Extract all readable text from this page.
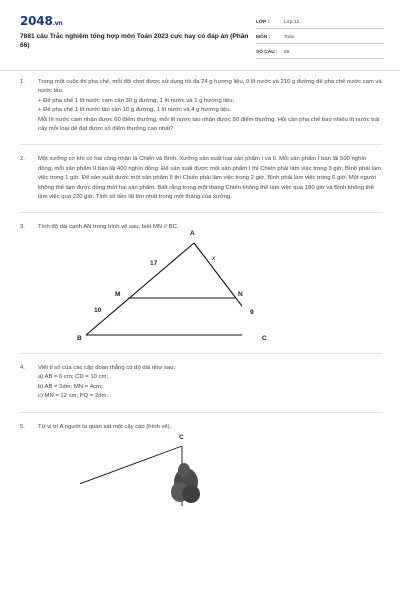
2048.vn
7881 câu Trắc nghiệm tổng hợp môn Toán 2023 cực hay có đáp án (Phần 66)
LỚP :	Lớp 12
MÔN :	Toán
SỐ CÂU :	69
1. Trong một cuộc thi pha chế, mỗi đội chơi được sử dụng tối đa 24 g hương liệu, 9 lít nước và 210 g đường để pha chế nước cam và nước táo.

+ Để pha chế 1 lít nước cam cần 30 g đường, 1 lít nước và 1 g hương liệu;

+ Để pha chế 1 lít nước táo cần 10 g đường, 1 lít nước và 4 g hương liệu.

Mỗi lít nước cam nhận được 60 điểm thưởng, mỗi lít nước táo nhận được 80 điểm thưởng. Hỏi cần pha chế bao nhiêu lít nước trái cây mỗi loại để đạt được số điểm thưởng cao nhất?

2. Một xưởng cơ khí có hai công nhân là Chiến và Bình. Xưởng sản xuất loại sản phẩm I và II. Mỗi sản phẩm I bán lãi 500 nghìn đồng, mỗi sản phẩm II bán lãi 400 nghìn đồng. Để sản xuất được một sản phẩm I thì Chiến phải làm việc trong 3 giờ, Bình phải làm việc trong 1 giờ. Để sản xuất được một sản phẩm II thì Chiến phải làm việc trong 2 giờ, Bình phải làm việc trong 6 giờ. Một người không thể làm được đồng thời hai sản phẩm. Biết rằng trong một tháng Chiến không thể làm việc quá 180 giờ và Bình không thể làm việc quá 220 giờ. Tính số tiền lãi lớn nhất trong một tháng của xưởng.

3. Tính độ dài cạnh AN trong hình vẽ sau, biết MN // BC.

A
B	C
M	N
17
x
10	9
4. Viết tỉ số của các cặp đoạn thẳng có độ dài như sau:

a) AB = 6 cm; CD = 10 cm;

b) AB = 2dm; MN = 4cm;

c) MN = 12 cm; PQ = 2dm.

5. Từ vị trí A người ta quan sát một cây cao (hình vẽ).

C
